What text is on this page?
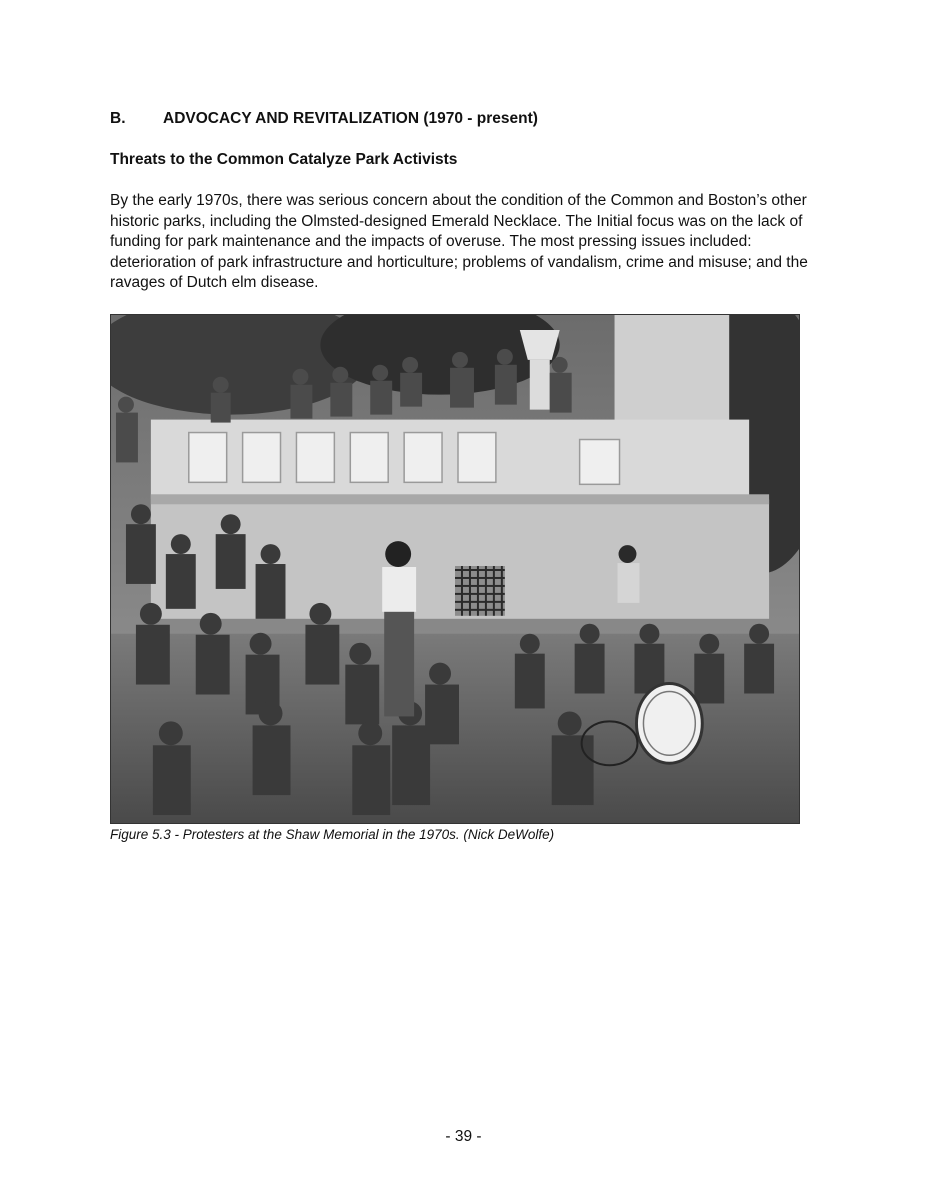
B. ADVOCACY AND REVITALIZATION (1970 - present)
Threats to the Common Catalyze Park Activists
By the early 1970s, there was serious concern about the condition of the Common and Boston’s other historic parks, including the Olmsted-designed Emerald Necklace. The Initial focus was on the lack of funding for park maintenance and the impacts of overuse. The most pressing issues included: deterioration of park infrastructure and horticulture; problems of vandalism, crime and misuse; and the ravages of Dutch elm disease.
Figure 5.3 - Protesters at the Shaw Memorial in the 1970s. (Nick DeWolfe)
- 39 -
